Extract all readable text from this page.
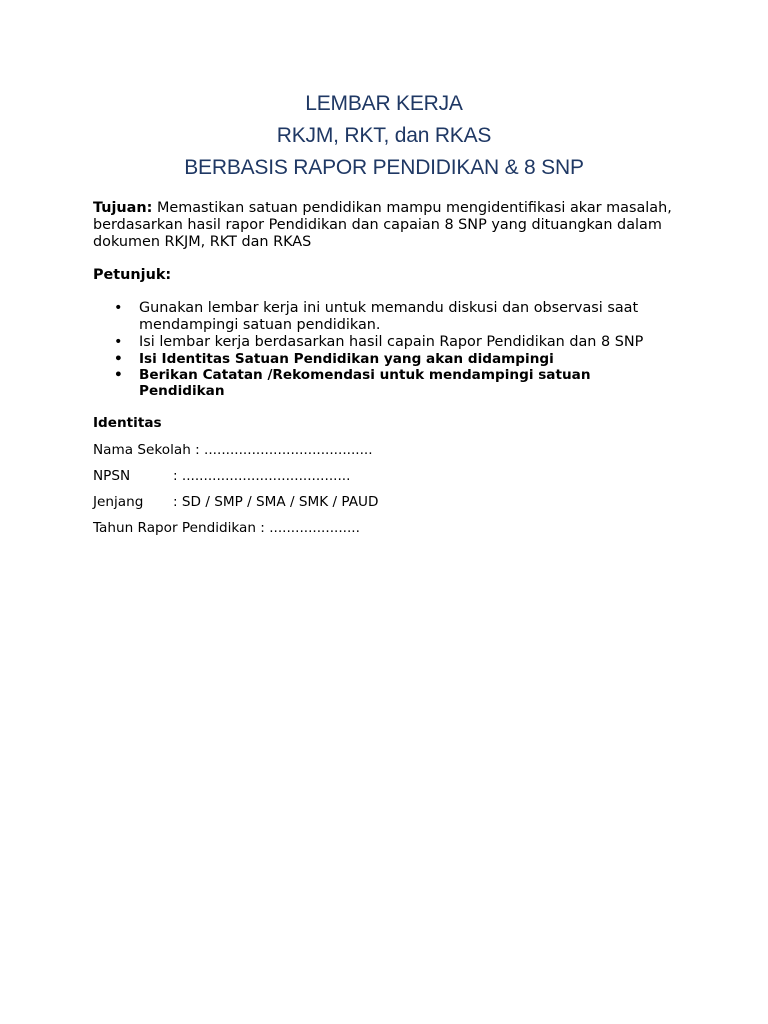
LEMBAR KERJA
RKJM, RKT, dan RKAS
BERBASIS RAPOR PENDIDIKAN & 8 SNP

Tujuan: Memastikan satuan pendidikan mampu mengidentifikasi akar masalah, berdasarkan hasil rapor Pendidikan dan capaian 8 SNP yang dituangkan dalam dokumen RKJM, RKT dan RKAS

Petunjuk:

• Gunakan lembar kerja ini untuk memandu diskusi dan observasi saat mendampingi satuan pendidikan.
• Isi lembar kerja berdasarkan hasil capain Rapor Pendidikan dan 8 SNP
• Isi Identitas Satuan Pendidikan yang akan didampingi
• Berikan Catatan /Rekomendasi untuk mendampingi satuan Pendidikan

Identitas

Nama Sekolah : .......................................

NPSN	: .......................................

Jenjang : SD / SMP / SMA / SMK / PAUD

Tahun Rapor Pendidikan : .....................
